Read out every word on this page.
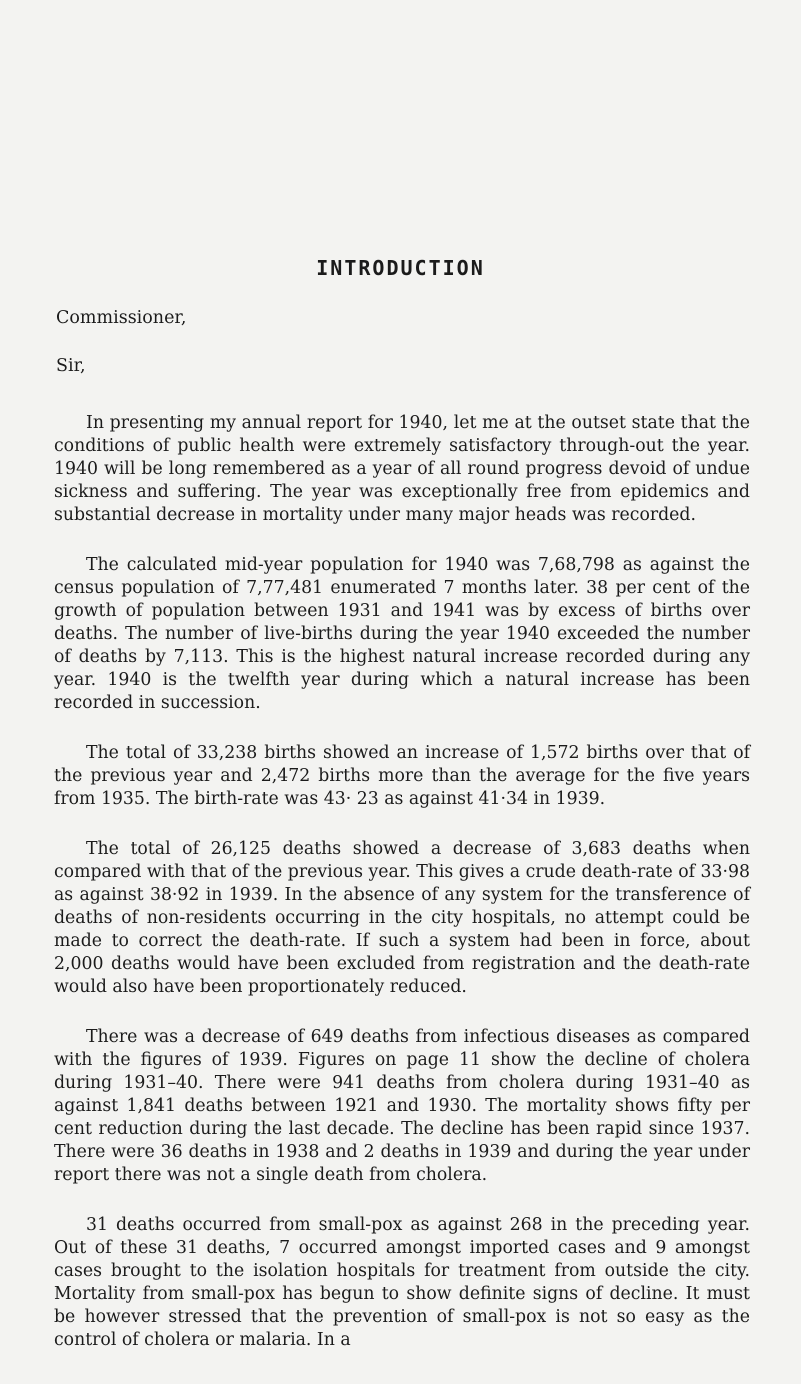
INTRODUCTION
Commissioner,
Sir,

In presenting my annual report for 1940, let me at the outset state that the conditions of public health were extremely satisfactory through-out the year. 1940 will be long remembered as a year of all round progress devoid of undue sickness and suffering. The year was exceptionally free from epidemics and substantial decrease in mortality under many major heads was recorded.

The calculated mid-year population for 1940 was 7,68,798 as against the census population of 7,77,481 enumerated 7 months later. 38 per cent of the growth of population between 1931 and 1941 was by excess of births over deaths. The number of live-births during the year 1940 exceeded the number of deaths by 7,113. This is the highest natural increase recorded during any year. 1940 is the twelfth year during which a natural increase has been recorded in succession.

The total of 33,238 births showed an increase of 1,572 births over that of the previous year and 2,472 births more than the average for the five years from 1935. The birth-rate was 43· 23 as against 41·34 in 1939.

The total of 26,125 deaths showed a decrease of 3,683 deaths when compared with that of the previous year. This gives a crude death-rate of 33·98 as against 38·92 in 1939. In the absence of any system for the transference of deaths of non-residents occurring in the city hospitals, no attempt could be made to correct the death-rate. If such a system had been in force, about 2,000 deaths would have been excluded from registration and the death-rate would also have been proportionately reduced.

There was a decrease of 649 deaths from infectious diseases as compared with the figures of 1939. Figures on page 11 show the decline of cholera during 1931–40. There were 941 deaths from cholera during 1931–40 as against 1,841 deaths between 1921 and 1930. The mortality shows fifty per cent reduction during the last decade. The decline has been rapid since 1937. There were 36 deaths in 1938 and 2 deaths in 1939 and during the year under report there was not a single death from cholera.

31 deaths occurred from small-pox as against 268 in the preceding year. Out of these 31 deaths, 7 occurred amongst imported cases and 9 amongst cases brought to the isolation hospitals for treatment from outside the city. Mortality from small-pox has begun to show definite signs of decline. It must be however stressed that the prevention of small-pox is not so easy as the control of cholera or malaria. In a
